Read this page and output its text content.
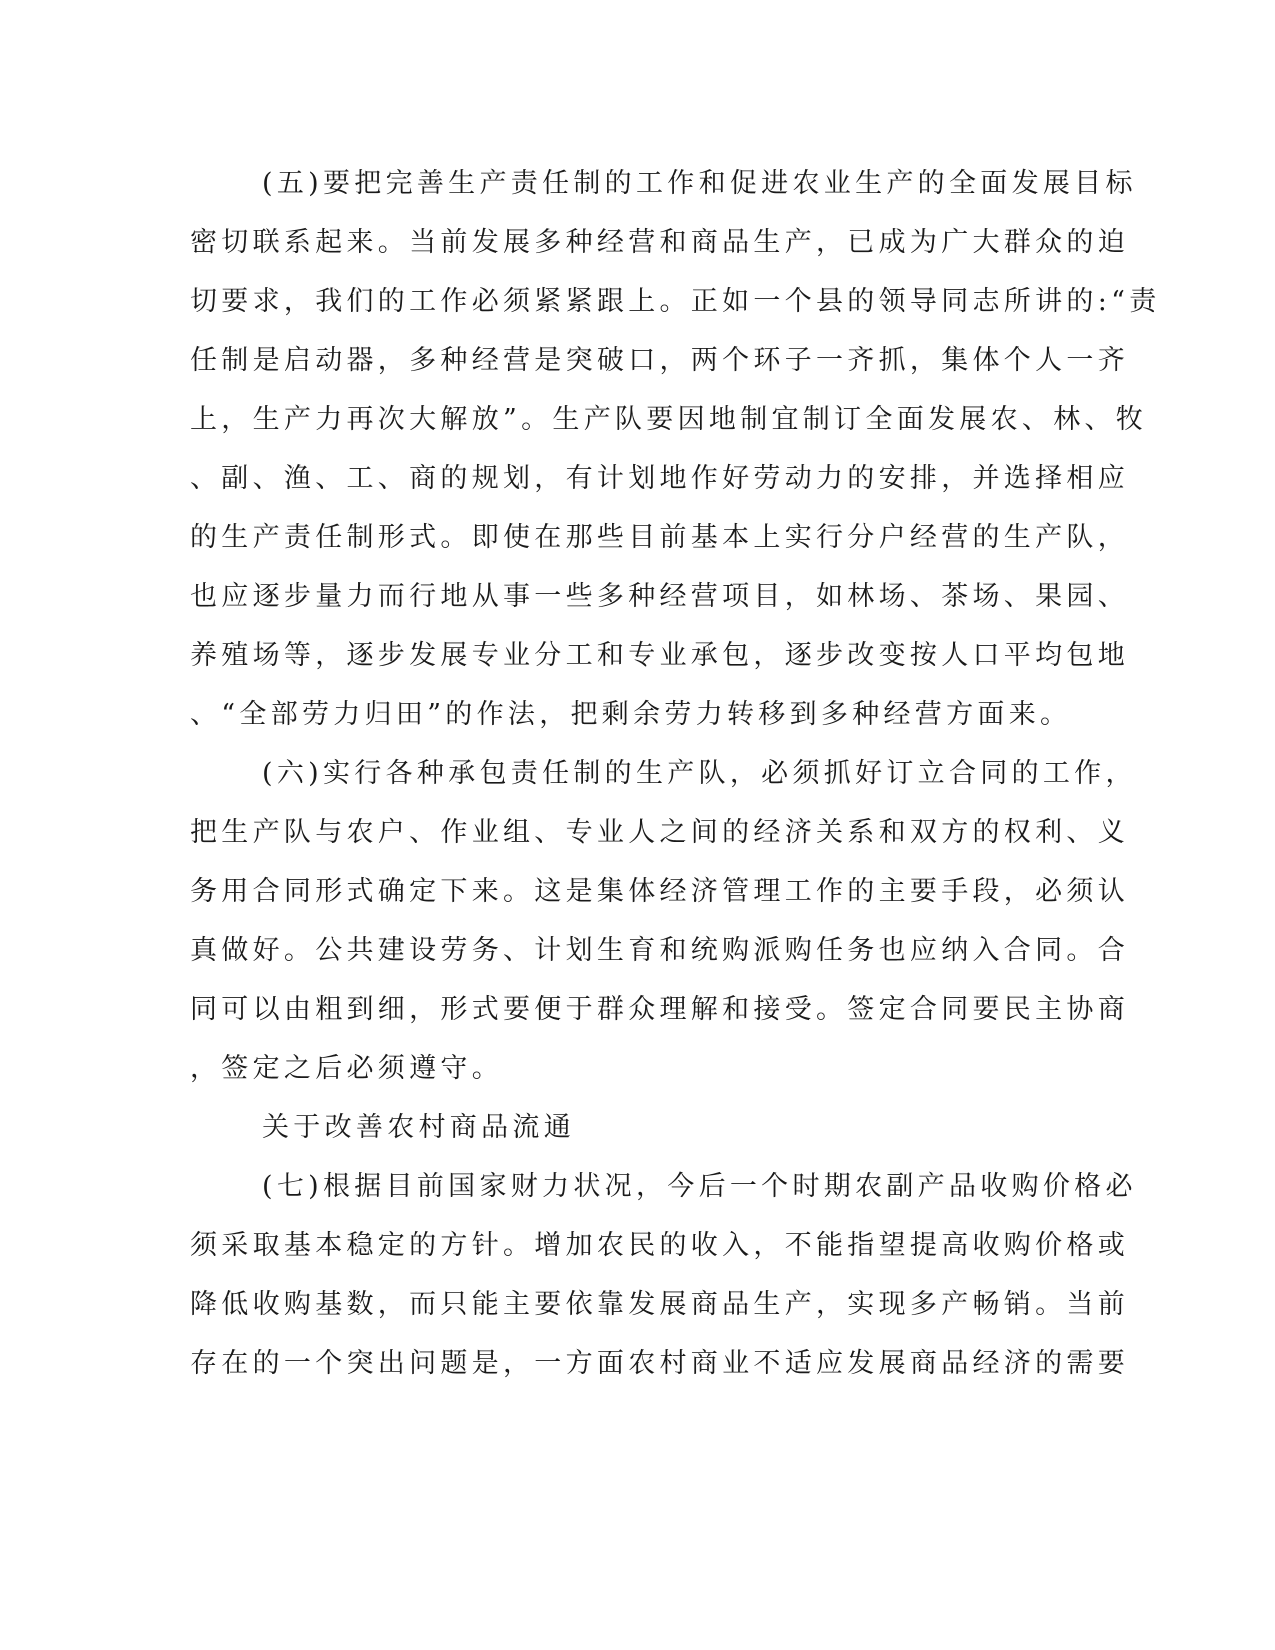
(五)要把完善生产责任制的工作和促进农业生产的全面发展目标
密切联系起来。当前发展多种经营和商品生产，已成为广大群众的迫
切要求，我们的工作必须紧紧跟上。正如一个县的领导同志所讲的:“责
任制是启动器，多种经营是突破口，两个环子一齐抓，集体个人一齐
上，生产力再次大解放”。生产队要因地制宜制订全面发展农、林、牧
、副、渔、工、商的规划，有计划地作好劳动力的安排，并选择相应
的生产责任制形式。即使在那些目前基本上实行分户经营的生产队，
也应逐步量力而行地从事一些多种经营项目，如林场、茶场、果园、
养殖场等，逐步发展专业分工和专业承包，逐步改变按人口平均包地
、“全部劳力归田”的作法，把剩余劳力转移到多种经营方面来。
(六)实行各种承包责任制的生产队，必须抓好订立合同的工作，
把生产队与农户、作业组、专业人之间的经济关系和双方的权利、义
务用合同形式确定下来。这是集体经济管理工作的主要手段，必须认
真做好。公共建设劳务、计划生育和统购派购任务也应纳入合同。合
同可以由粗到细，形式要便于群众理解和接受。签定合同要民主协商
，签定之后必须遵守。
关于改善农村商品流通
(七)根据目前国家财力状况，今后一个时期农副产品收购价格必
须采取基本稳定的方针。增加农民的收入，不能指望提高收购价格或
降低收购基数，而只能主要依靠发展商品生产，实现多产畅销。当前
存在的一个突出问题是，一方面农村商业不适应发展商品经济的需要
